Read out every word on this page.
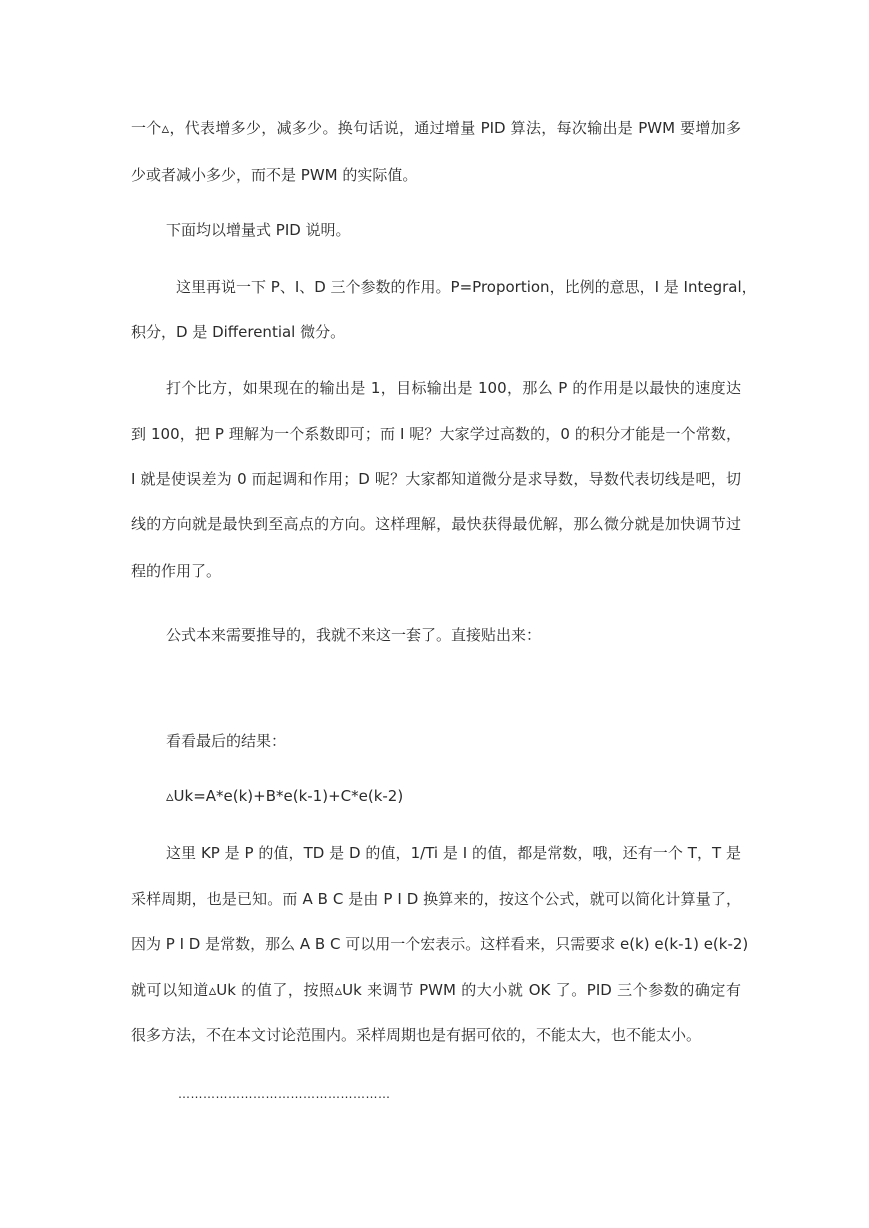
一个▵，代表增多少，减多少。换句话说，通过增量 PID 算法，每次输出是 PWM 要增加多
少或者减小多少，而不是 PWM 的实际值。
下面均以增量式 PID 说明。
这里再说一下 P、I、D 三个参数的作用。P=Proportion，比例的意思，I 是 Integral，
积分，D 是 Differential 微分。
打个比方，如果现在的输出是 1，目标输出是 100，那么 P 的作用是以最快的速度达
到 100，把 P 理解为一个系数即可；而 I 呢？大家学过高数的，0 的积分才能是一个常数，
I 就是使误差为 0 而起调和作用；D 呢？大家都知道微分是求导数，导数代表切线是吧，切
线的方向就是最快到至高点的方向。这样理解，最快获得最优解，那么微分就是加快调节过
程的作用了。
公式本来需要推导的，我就不来这一套了。直接贴出来：
看看最后的结果：
▵Uk=A*e(k)+B*e(k-1)+C*e(k-2)
这里 KP 是 P 的值，TD 是 D 的值，1/Ti 是 I 的值，都是常数，哦，还有一个 T，T 是
采样周期，也是已知。而 A B C 是由 P I D 换算来的，按这个公式，就可以简化计算量了，
因为 P I D 是常数，那么 A B C 可以用一个宏表示。这样看来，只需要求 e(k) e(k-1) e(k-2)
就可以知道▵Uk 的值了，按照▵Uk 来调节 PWM 的大小就 OK 了。PID 三个参数的确定有
很多方法，不在本文讨论范围内。采样周期也是有据可依的，不能太大，也不能太小。
……………………………………………
